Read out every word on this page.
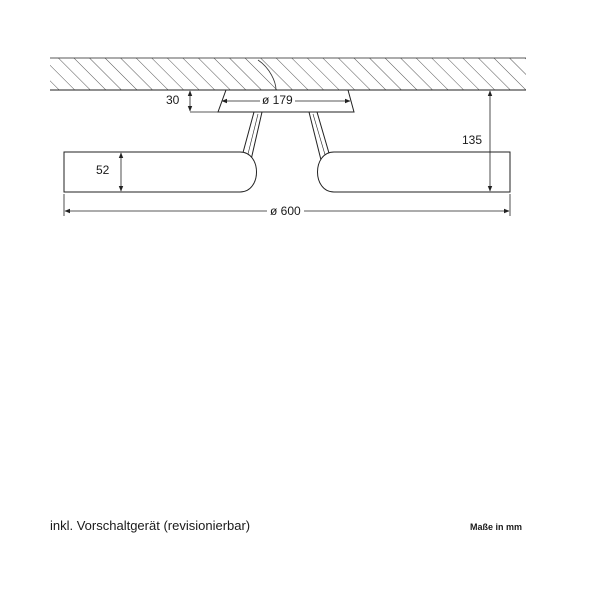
30	ø 179
52
135
ø 600
inkl. Vorschaltgerät (revisionierbar)	Maße in mm
